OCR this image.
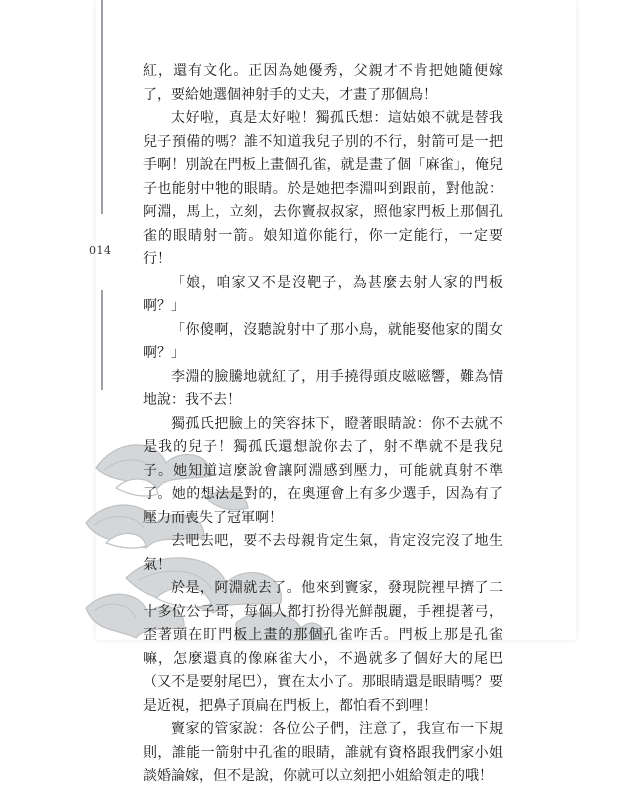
014

紅，還有文化。正因為她優秀，父親才不肯把她隨便嫁了，要給她選個神射手的丈夫，才畫了那個鳥！

太好啦，真是太好啦！獨孤氏想：這姑娘不就是替我兒子預備的嗎？誰不知道我兒子別的不行，射箭可是一把手啊！別說在門板上畫個孔雀，就是畫了個「麻雀」，俺兒子也能射中牠的眼睛。於是她把李淵叫到跟前，對他說：阿淵，馬上，立刻，去你竇叔叔家，照他家門板上那個孔雀的眼睛射一箭。娘知道你能行，你一定能行，一定要行！

「娘，咱家又不是沒靶子，為甚麼去射人家的門板啊？」

「你傻啊，沒聽說射中了那小鳥，就能娶他家的閨女啊？」

李淵的臉騰地就紅了，用手撓得頭皮嗞嗞響，難為情地說：我不去！

獨孤氏把臉上的笑容抹下，瞪著眼睛說：你不去就不是我的兒子！獨孤氏還想說你去了，射不準就不是我兒子。她知道這麼說會讓阿淵感到壓力，可能就真射不準了。她的想法是對的，在奧運會上有多少選手，因為有了壓力而喪失了冠軍啊！

去吧去吧，要不去母親肯定生氣，肯定沒完沒了地生氣！

於是，阿淵就去了。他來到竇家，發現院裡早擠了二十多位公子哥，每個人都打扮得光鮮靚麗，手裡提著弓，歪著頭在盯門板上畫的那個孔雀咋舌。門板上那是孔雀嘛，怎麼還真的像麻雀大小，不過就多了個好大的尾巴（又不是要射尾巴），實在太小了。那眼睛還是眼睛嗎？要是近視，把鼻子頂扁在門板上，都怕看不到哩！

竇家的管家說：各位公子們，注意了，我宣布一下規則，誰能一箭射中孔雀的眼睛，誰就有資格跟我們家小姐談婚論嫁，但不是說，你就可以立刻把小姐給領走的哦！
